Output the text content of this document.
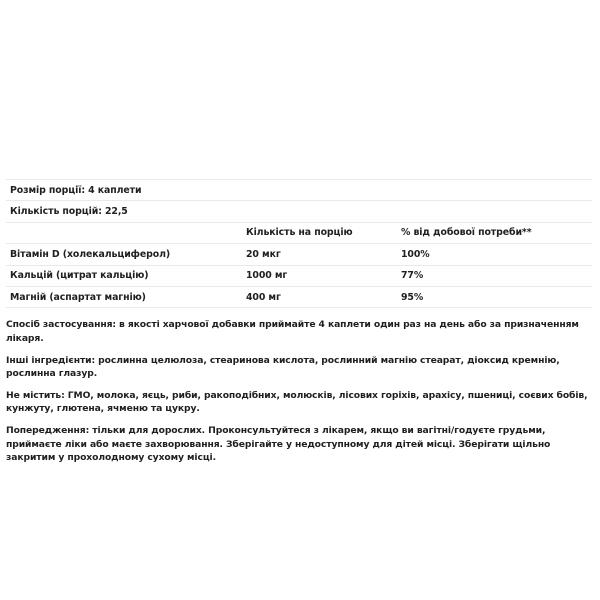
Розмір порції: 4 каплети		
Кількість порцій: 22,5		
	Кількість на порцію	% від добової потреби**
Вітамін D (холекальциферол)	20 мкг	100%
Кальцій (цитрат кальцію)	1000 мг	77%
Магній (аспартат магнію)	400 мг	95%

Спосіб застосування: в якості харчової добавки приймайте 4 каплети один раз на день або за призначенням лікаря.

Інші інгредієнти: рослинна целюлоза, стеаринова кислота, рослинний магнію стеарат, діоксид кремнію, рослинна глазур.

Не містить: ГМО, молока, яєць, риби, ракоподібних, молюсків, лісових горіхів, арахісу, пшениці, соєвих бобів, кунжуту, глютена, ячменю та цукру.

Попередження: тільки для дорослих. Проконсультуйтеся з лікарем, якщо ви вагітні/годуєте грудьми, приймаєте ліки або маєте захворювання. Зберігайте у недоступному для дітей місці. Зберігати щільно закритим у прохолодному сухому місці.
